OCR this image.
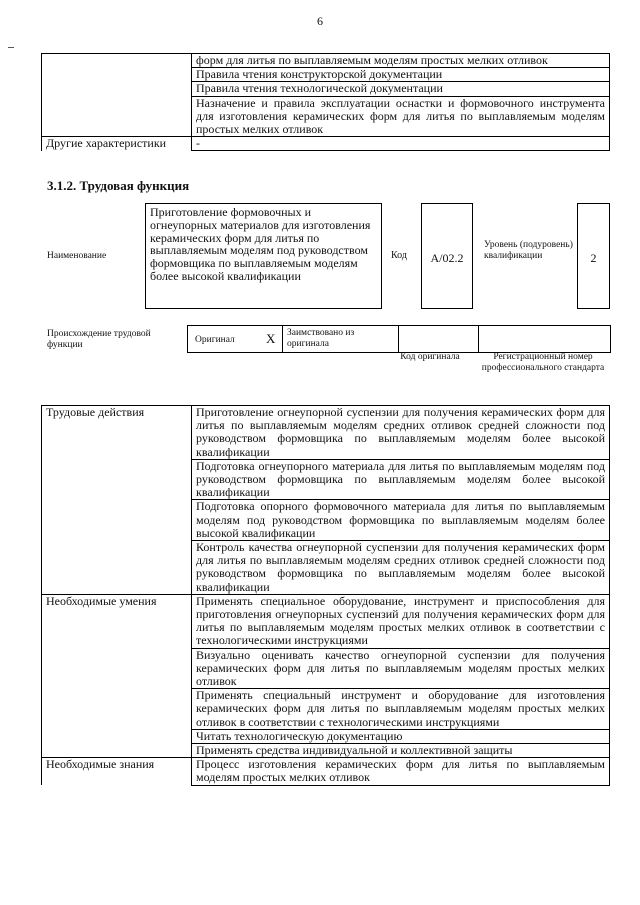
6
	форм для литья по выплавляемым моделям простых мелких отливок
	Правила чтения конструкторской документации
	Правила чтения технологической документации
	Назначение и правила эксплуатации оснастки и формовочного инструмента для изготовления керамических форм для литья по выплавляемым моделям простых мелких отливок
Другие характеристики	-
3.1.2. Трудовая функция
Наименование
Приготовление формовочных и огнеупорных материалов для изготовления керамических форм для литья по выплавляемым моделям под руководством формовщика по выплавляемым моделям более высокой квалификации
Код	A/02.2
Уровень (подуровень) квалификации	2
Происхождение трудовой функции	Оригинал X Заимствовано из оригинала
Код оригинала	Регистрационный номер профессионального стандарта
Трудовые действия	Приготовление огнеупорной суспензии для получения керамических форм для литья по выплавляемым моделям средних отливок средней сложности под руководством формовщика по выплавляемым моделям более высокой квалификации
	Подготовка огнеупорного материала для литья по выплавляемым моделям под руководством формовщика по выплавляемым моделям более высокой квалификации
	Подготовка опорного формовочного материала для литья по выплавляемым моделям под руководством формовщика по выплавляемым моделям более высокой квалификации
	Контроль качества огнеупорной суспензии для получения керамических форм для литья по выплавляемым моделям средних отливок средней сложности под руководством формовщика по выплавляемым моделям более высокой квалификации
Необходимые умения	Применять специальное оборудование, инструмент и приспособления для приготовления огнеупорных суспензий для получения керамических форм для литья по выплавляемым моделям простых мелких отливок в соответствии с технологическими инструкциями
	Визуально оценивать качество огнеупорной суспензии для получения керамических форм для литья по выплавляемым моделям простых мелких отливок
	Применять специальный инструмент и оборудование для изготовления керамических форм для литья по выплавляемым моделям простых мелких отливок в соответствии с технологическими инструкциями
	Читать технологическую документацию
	Применять средства индивидуальной и коллективной защиты
Необходимые знания	Процесс изготовления керамических форм для литья по выплавляемым моделям простых мелких отливок
